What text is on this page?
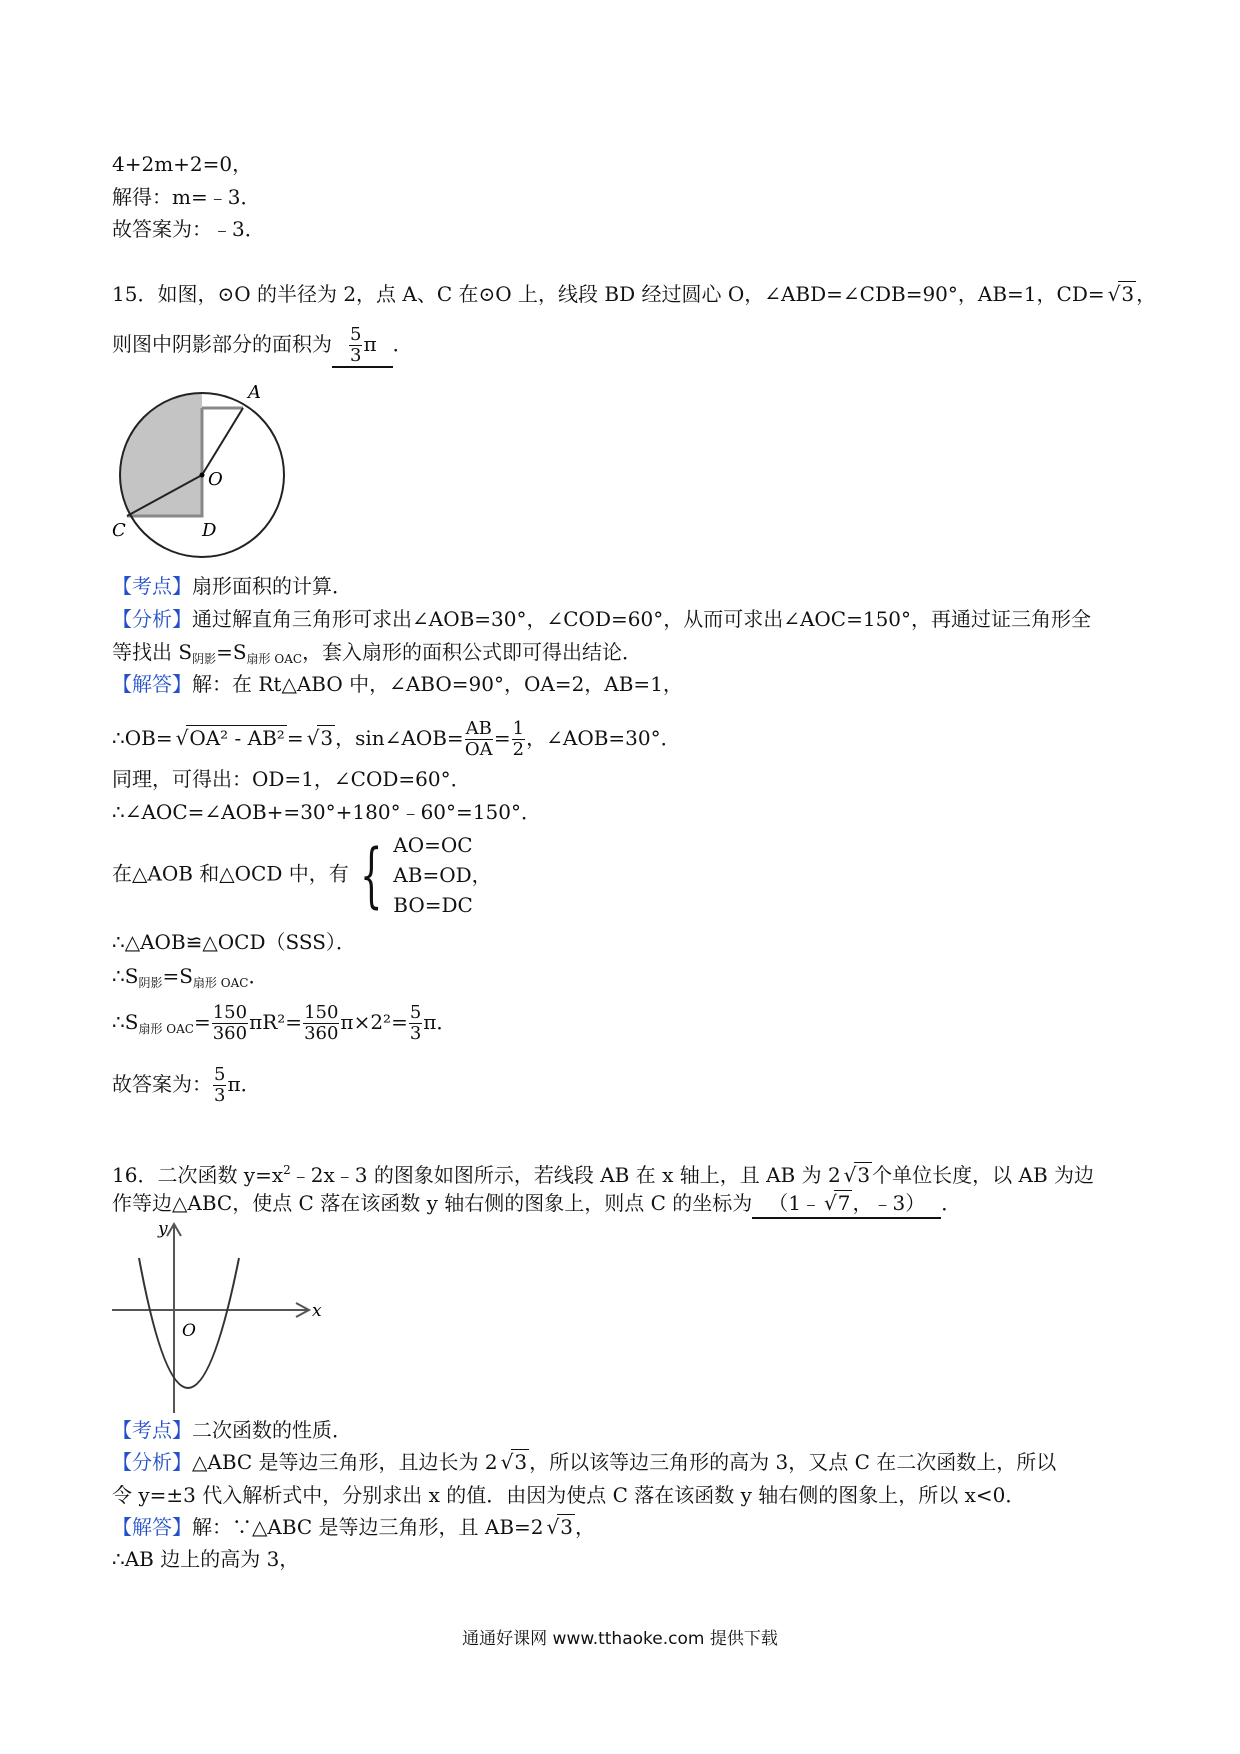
4+2m+2=0，
解得：m=﹣3．
故答案为：﹣3．
15．如图，⊙O 的半径为 2，点 A、C 在⊙O 上，线段 BD 经过圆心 O，∠ABD=∠CDB=90°，AB=1，CD= √ 3 ，
则图中阴影部分的面积为 $\frac{5}{3}$ π ．
A
O
C	D
【考点】扇形面积的计算．
【分析】通过解直角三角形可求出∠AOB=30°，∠COD=60°，从而可求出∠AOC=150°，再通过证三角形全
等找出 $S_{阴影}=S_{扇形 OAC}$，套入扇形的面积公式即可得出结论．
【解答】解：在 Rt△ABO 中，∠ABO=90°，OA=2，AB=1，
∴OB= √ OA² - AB² = √ 3 ，sin∠AOB= $\frac{AB}{OA} = \frac{1}{2}$ ，∠AOB=30°．
同理，可得出：OD=1，∠COD=60°．
∴∠AOC=∠AOB+=30°+180°﹣60°=150°．
在△AOB 和△OCD 中，有 { AO=OC
AB=OD，
BO=DC
∴△AOB≌△OCD（SSS）．
$\therefore S_{阴影}=S_{扇形 OAC}$．
$\therefore S_{扇形 OAC}= \frac{150}{360} \pi R^2= \frac{150}{360} \pi\times 2^2= \frac{5}{3}$ π．
故答案为： $\frac{5}{3}$ π．
16．二次函数 $y=x^2﹣2x﹣3$ 的图象如图所示，若线段 AB 在 x 轴上，且 AB 为 2 √ 3 个单位长度，以 AB 为边
作等边△ABC，使点 C 落在该函数 y 轴右侧的图象上，则点 C 的坐标为 （1﹣ √ 7 ，﹣3） ．
y
x
O
【考点】二次函数的性质．
【分析】△ABC 是等边三角形，且边长为 2 √ 3 ，所以该等边三角形的高为 3，又点 C 在二次函数上，所以
令 y=±3 代入解析式中，分别求出 x 的值．由因为使点 C 落在该函数 y 轴右侧的图象上，所以 x<0．
【解答】解：∵△ABC 是等边三角形，且 AB=2 √ 3 ，
∴AB 边上的高为 3，
通通好课网 www.tthaoke.com 提供下载
